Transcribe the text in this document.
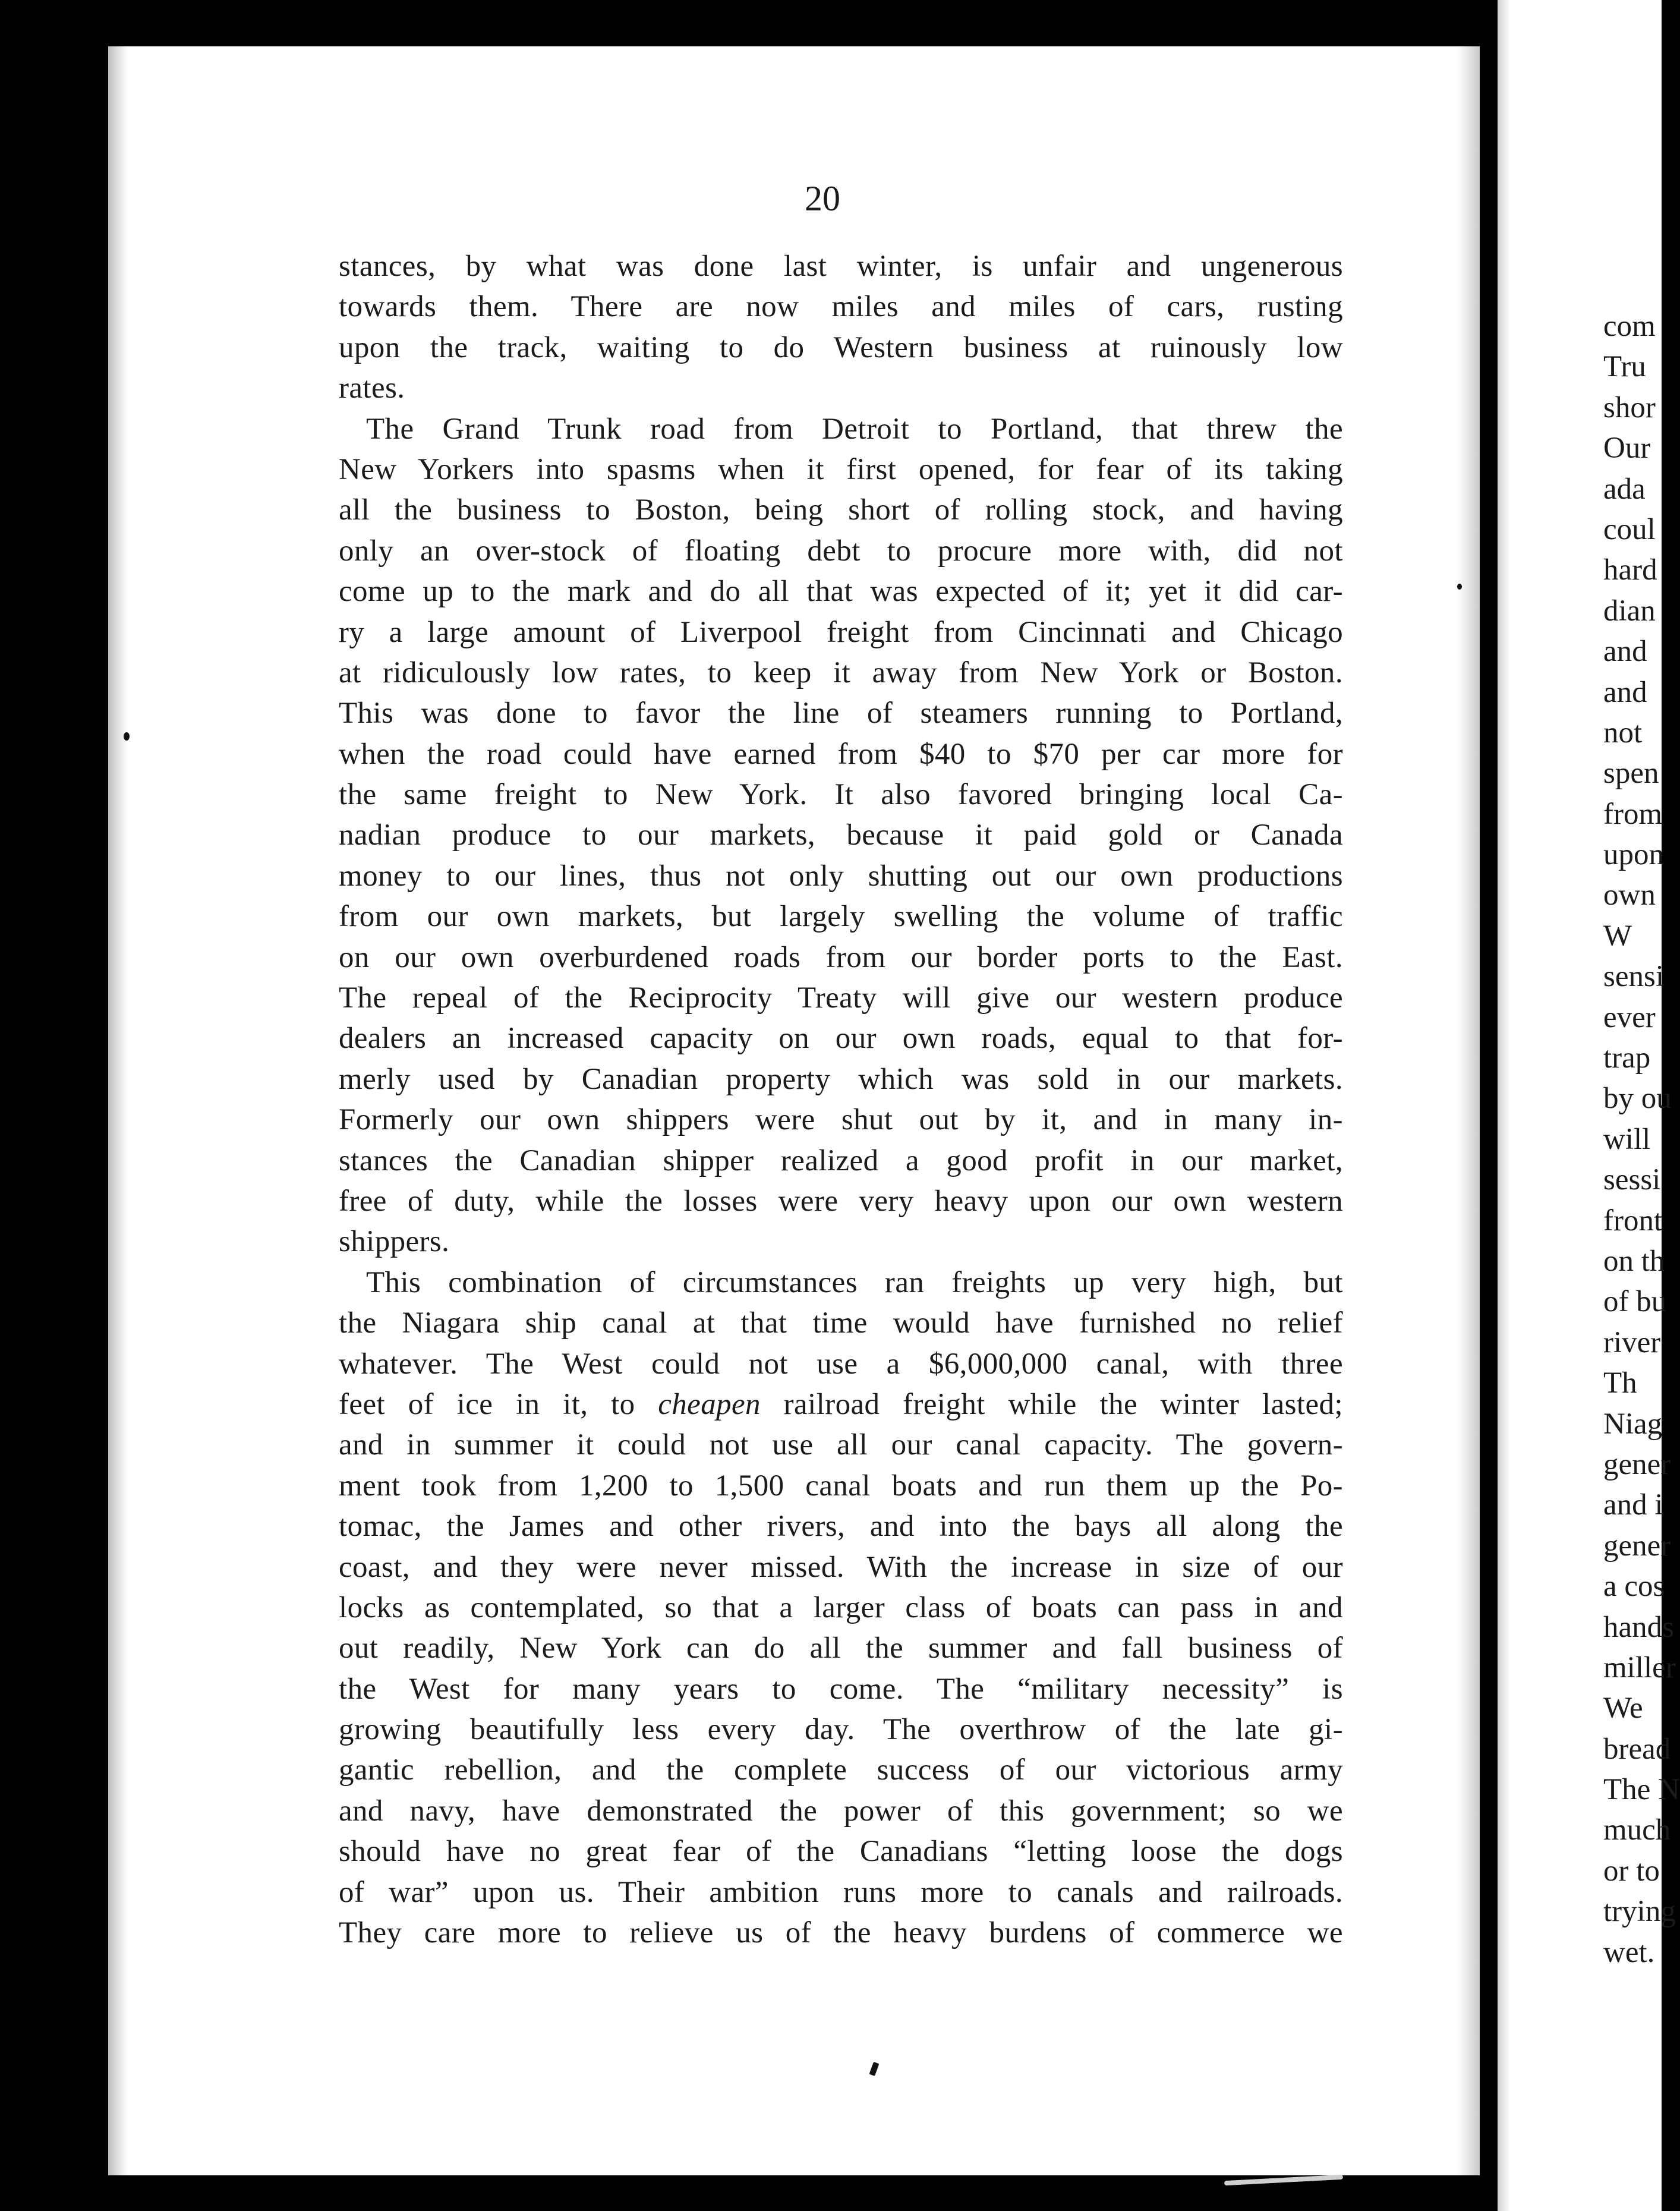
20
stances, by what was done last winter, is unfair and ungenerous
towards them. There are now miles and miles of cars, rusting
upon the track, waiting to do Western business at ruinously low
rates.
The Grand Trunk road from Detroit to Portland, that threw the
New Yorkers into spasms when it first opened, for fear of its taking
all the business to Boston, being short of rolling stock, and having
only an over-stock of floating debt to procure more with, did not
come up to the mark and do all that was expected of it; yet it did car-
ry a large amount of Liverpool freight from Cincinnati and Chicago
at ridiculously low rates, to keep it away from New York or Boston.
This was done to favor the line of steamers running to Portland,
when the road could have earned from $40 to $70 per car more for
the same freight to New York. It also favored bringing local Ca-
nadian produce to our markets, because it paid gold or Canada
money to our lines, thus not only shutting out our own productions
from our own markets, but largely swelling the volume of traffic
on our own overburdened roads from our border ports to the East.
The repeal of the Reciprocity Treaty will give our western produce
dealers an increased capacity on our own roads, equal to that for-
merly used by Canadian property which was sold in our markets.
Formerly our own shippers were shut out by it, and in many in-
stances the Canadian shipper realized a good profit in our market,
free of duty, while the losses were very heavy upon our own western
shippers.
This combination of circumstances ran freights up very high, but
the Niagara ship canal at that time would have furnished no relief
whatever. The West could not use a $6,000,000 canal, with three
feet of ice in it, to cheapen railroad freight while the winter lasted;
and in summer it could not use all our canal capacity. The govern-
ment took from 1,200 to 1,500 canal boats and run them up the Po-
tomac, the James and other rivers, and into the bays all along the
coast, and they were never missed. With the increase in size of our
locks as contemplated, so that a larger class of boats can pass in and
out readily, New York can do all the summer and fall business of
the West for many years to come. The “military necessity” is
growing beautifully less every day. The overthrow of the late gi-
gantic rebellion, and the complete success of our victorious army
and navy, have demonstrated the power of this government; so we
should have no great fear of the Canadians “letting loose the dogs
of war” upon us. Their ambition runs more to canals and railroads.
They care more to relieve us of the heavy burdens of commerce we
com
Tru
shor
Our
ada
coul
hard
dian
and
and
not
spen
from
upon
own
W
sensi
ever
trap
by ou
will
sessi
front
on th
of bu
river
Th
Niag
gener
and i
gener
a cos
hands
miller
We
bread
The N
much
or to
trying
wet.
